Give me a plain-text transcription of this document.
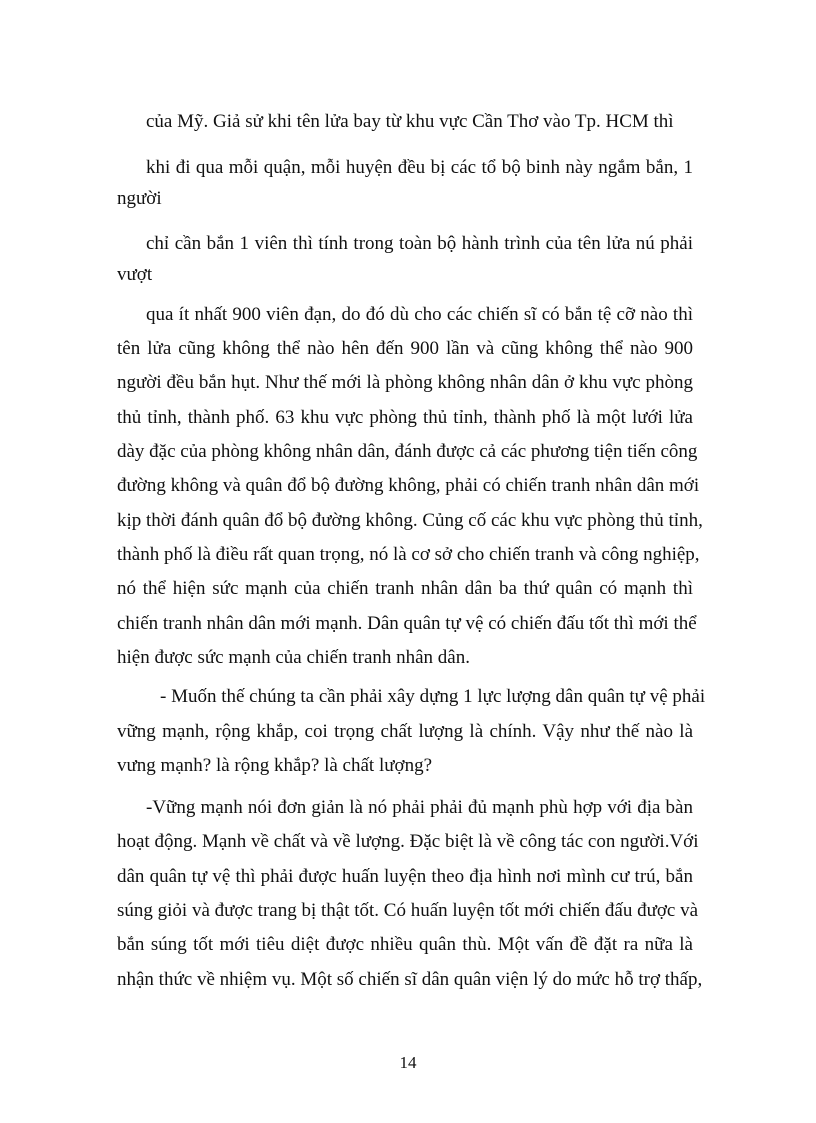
của Mỹ. Giả sử khi tên lửa bay từ khu vực Cần Thơ vào Tp. HCM thì
khi đi qua mỗi quận, mỗi huyện đều bị các tổ bộ binh này ngắm bắn, 1
người
chỉ cần bắn 1 viên thì tính trong toàn bộ hành trình của tên lửa nú phải
vượt
qua ít nhất 900 viên đạn, do đó dù cho các chiến sĩ có bắn tệ cỡ nào thì
tên lửa cũng không thể nào hên đến 900 lần và cũng không thể nào 900
người đều bắn hụt. Như thế mới là phòng không nhân dân ở khu vực phòng
thủ tỉnh, thành phố. 63 khu vực phòng thủ tỉnh, thành phố là một lưới lửa
dày đặc của phòng không nhân dân, đánh được cả các phương tiện tiến công
đường không và quân đổ bộ đường không, phải có chiến tranh nhân dân mới
kịp thời đánh quân đổ bộ đường không. Củng cố các khu vực phòng thủ tỉnh,
thành phố là điều rất quan trọng, nó là cơ sở cho chiến tranh và công nghiệp,
nó thể hiện sức mạnh của chiến tranh nhân dân ba thứ quân có mạnh thì
chiến tranh nhân dân mới mạnh. Dân quân tự vệ có chiến đấu tốt thì mới thể
hiện được sức mạnh của chiến tranh nhân dân.
- Muốn thế chúng ta cần phải xây dựng 1 lực lượng dân quân tự vệ phải
vững mạnh, rộng khắp, coi trọng chất lượng là chính. Vậy như thế nào là
vưng mạnh? là rộng khắp? là chất lượng?
-Vững mạnh nói đơn giản là nó phải phải đủ mạnh phù hợp với địa bàn
hoạt động. Mạnh về chất và về lượng. Đặc biệt là về công tác con người.Với
dân quân tự vệ thì phải được huấn luyện theo địa hình nơi mình cư trú, bắn
súng giỏi và được trang bị thật tốt. Có huấn luyện tốt mới chiến đấu được và
bắn súng tốt mới tiêu diệt được nhiều quân thù. Một vấn đề đặt ra nữa là
nhận thức về nhiệm vụ. Một số chiến sĩ dân quân viện lý do mức hỗ trợ thấp,
14
